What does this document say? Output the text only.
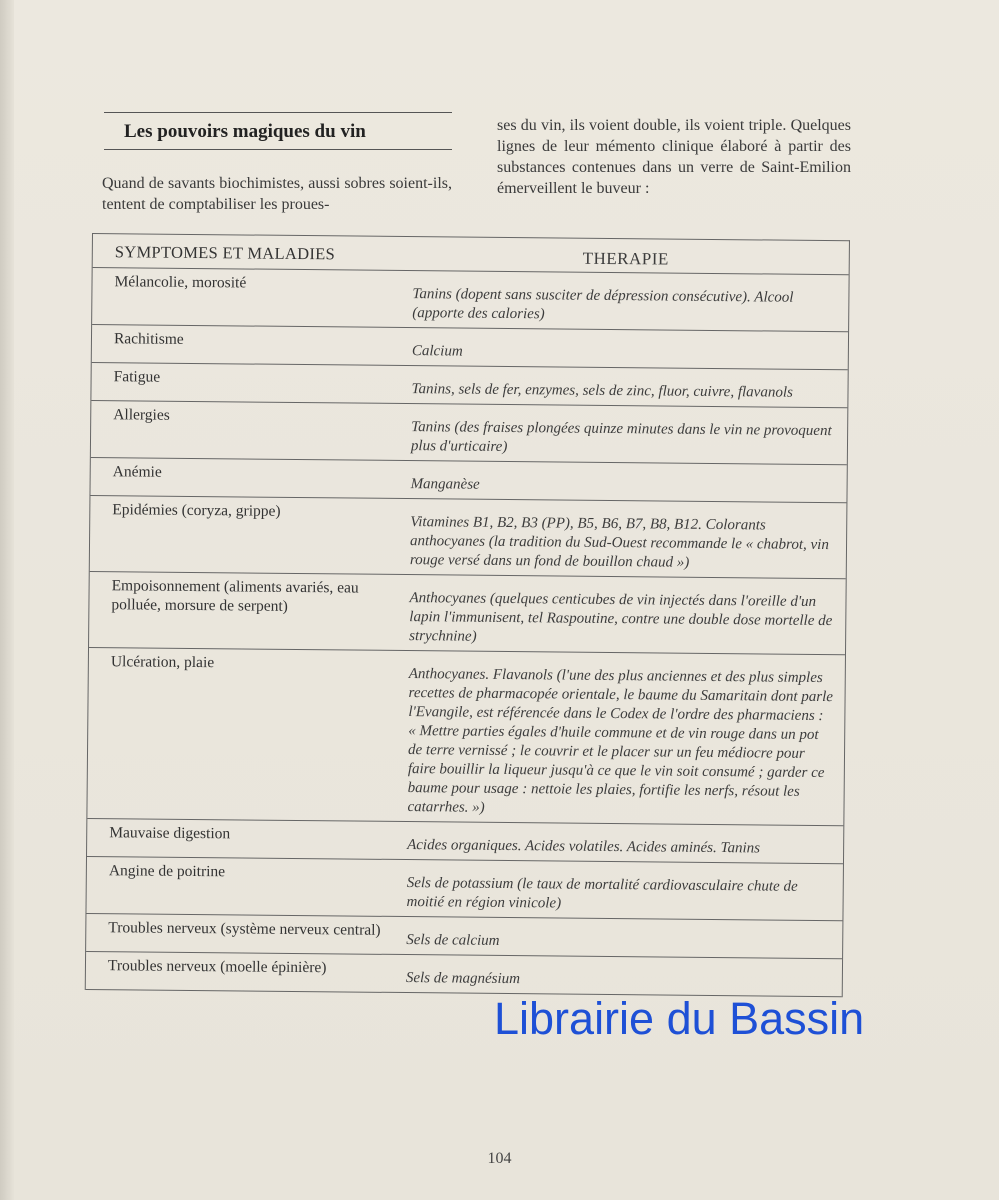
Les pouvoirs magiques du vin
Quand de savants biochimistes, aussi sobres soient-ils, tentent de comptabiliser les proues-
ses du vin, ils voient double, ils voient triple. Quelques lignes de leur mémento clinique élaboré à partir des substances contenues dans un verre de Saint-Emilion émerveillent le buveur :
SYMPTOMES ET MALADIES	THERAPIE
Mélancolie, morosité
Tanins (dopent sans susciter de dépression consécutive). Alcool (apporte des calories)
Rachitisme
Calcium
Fatigue
Tanins, sels de fer, enzymes, sels de zinc, fluor, cuivre, flavanols
Allergies
Tanins (des fraises plongées quinze minutes dans le vin ne provoquent plus d'urticaire)
Anémie
Manganèse
Epidémies (coryza, grippe)
Vitamines B1, B2, B3 (PP), B5, B6, B7, B8, B12. Colorants anthocyanes (la tradition du Sud-Ouest recommande le « chabrot, vin rouge versé dans un fond de bouillon chaud »)
Empoisonnement (aliments avariés, eau polluée, morsure de serpent)	Anthocyanes (quelques centicubes de vin injectés dans l'oreille d'un lapin l'immunisent, tel Raspoutine, contre une double dose mortelle de strychnine)
Ulcération, plaie
Anthocyanes. Flavanols (l'une des plus anciennes et des plus simples recettes de pharmacopée orientale, le baume du Samaritain dont parle l'Evangile, est référencée dans le Codex de l'ordre des pharmaciens : « Mettre parties égales d'huile commune et de vin rouge dans un pot de terre vernissé ; le couvrir et le placer sur un feu médiocre pour faire bouillir la liqueur jusqu'à ce que le vin soit consumé ; garder ce baume pour usage : nettoie les plaies, fortifie les nerfs, résout les catarrhes. »)
Mauvaise digestion
Acides organiques. Acides volatiles. Acides aminés. Tanins
Angine de poitrine
Sels de potassium (le taux de mortalité cardiovasculaire chute de moitié en région vinicole)
Troubles nerveux (système nerveux central)
Sels de calcium
Troubles nerveux (moelle épinière)
Sels de magnésium
Librairie du Bassin
104
